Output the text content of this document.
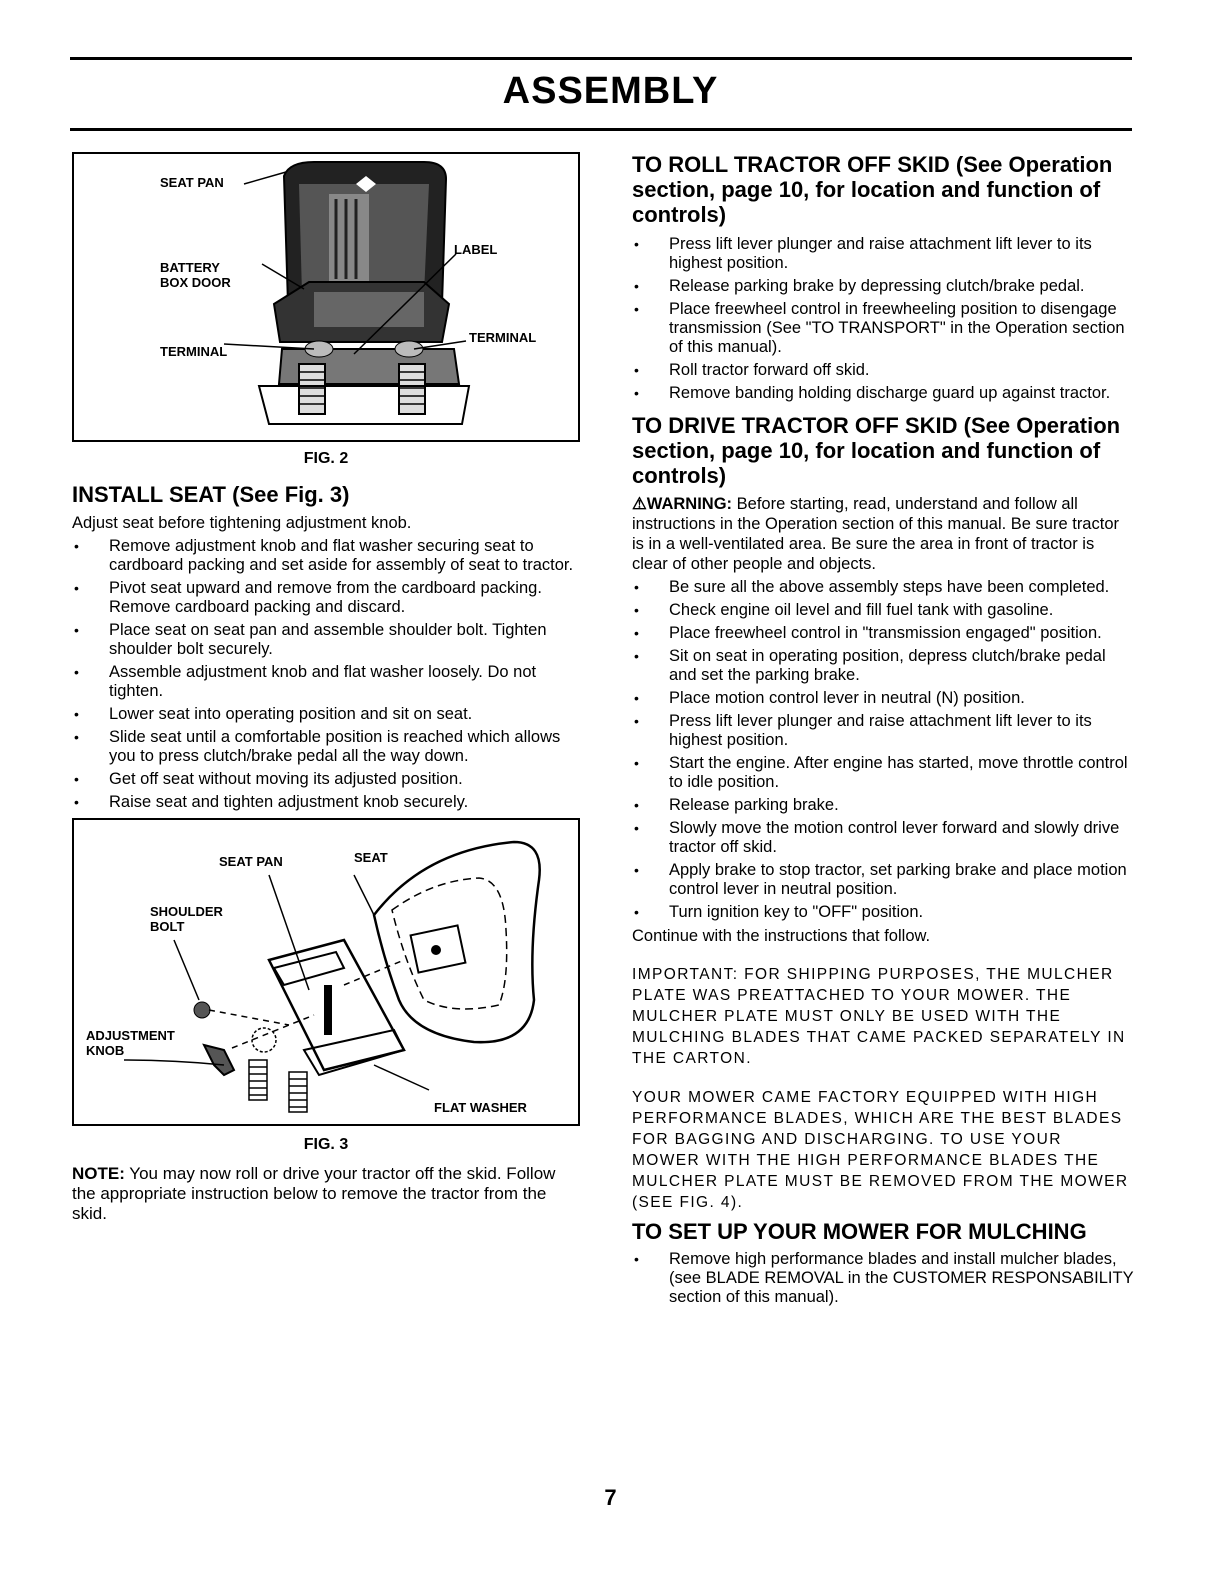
ASSEMBLY
SEAT PAN
LABEL
BATTERY
BOX DOOR
TERMINAL
TERMINAL
FIG. 2
INSTALL SEAT (See Fig. 3)

Adjust seat before tightening adjustment knob.

• Remove adjustment knob and flat washer securing seat to cardboard packing and set aside for assembly of seat to tractor.
• Pivot seat upward and remove from the cardboard packing. Remove cardboard packing and discard.
• Place seat on seat pan and assemble shoulder bolt. Tighten shoulder bolt securely.
• Assemble adjustment knob and flat washer loosely. Do not tighten.
• Lower seat into operating position and sit on seat.
• Slide seat until a comfortable position is reached which allows you to press clutch/brake pedal all the way down.
• Get off seat without moving its adjusted position.
• Raise seat and tighten adjustment knob securely.
SEAT PAN	SEAT
SHOULDER
BOLT
ADJUSTMENT
KNOB
FLAT WASHER
FIG. 3

NOTE: You may now roll or drive your tractor off the skid. Follow the appropriate instruction below to remove the tractor from the skid.

TO ROLL TRACTOR OFF SKID (See Operation section, page 10, for location and function of controls)
• Press lift lever plunger and raise attachment lift lever to its highest position.
• Release parking brake by depressing clutch/brake pedal.
• Place freewheel control in freewheeling position to disengage transmission (See "TO TRANSPORT" in the Operation section of this manual).
• Roll tractor forward off skid.
• Remove banding holding discharge guard up against tractor.
TO DRIVE TRACTOR OFF SKID (See Operation section, page 10, for location and function of controls)

⚠WARNING: Before starting, read, understand and follow all instructions in the Operation section of this manual. Be sure tractor is in a well-ventilated area. Be sure the area in front of tractor is clear of other people and objects.

• Be sure all the above assembly steps have been completed.
• Check engine oil level and fill fuel tank with gasoline.
• Place freewheel control in "transmission engaged" position.
• Sit on seat in operating position, depress clutch/brake pedal and set the parking brake.
• Place motion control lever in neutral (N) position.
• Press lift lever plunger and raise attachment lift lever to its highest position.
• Start the engine. After engine has started, move throttle control to idle position.
• Release parking brake.
• Slowly move the motion control lever forward and slowly drive tractor off skid.
• Apply brake to stop tractor, set parking brake and place motion control lever in neutral position.
• Turn ignition key to "OFF" position.

Continue with the instructions that follow.

IMPORTANT: FOR SHIPPING PURPOSES, THE MULCHER PLATE WAS PREATTACHED TO YOUR MOWER. THE MULCHER PLATE MUST ONLY BE USED WITH THE MULCHING BLADES THAT CAME PACKED SEPARATELY IN THE CARTON.

YOUR MOWER CAME FACTORY EQUIPPED WITH HIGH PERFORMANCE BLADES, WHICH ARE THE BEST BLADES FOR BAGGING AND DISCHARGING. TO USE YOUR MOWER WITH THE HIGH PERFORMANCE BLADES THE MULCHER PLATE MUST BE REMOVED FROM THE MOWER (SEE FIG. 4).

TO SET UP YOUR MOWER FOR MULCHING
• Remove high performance blades and install mulcher blades, (see BLADE REMOVAL in the CUSTOMER RESPONSABILITY section of this manual).
7
